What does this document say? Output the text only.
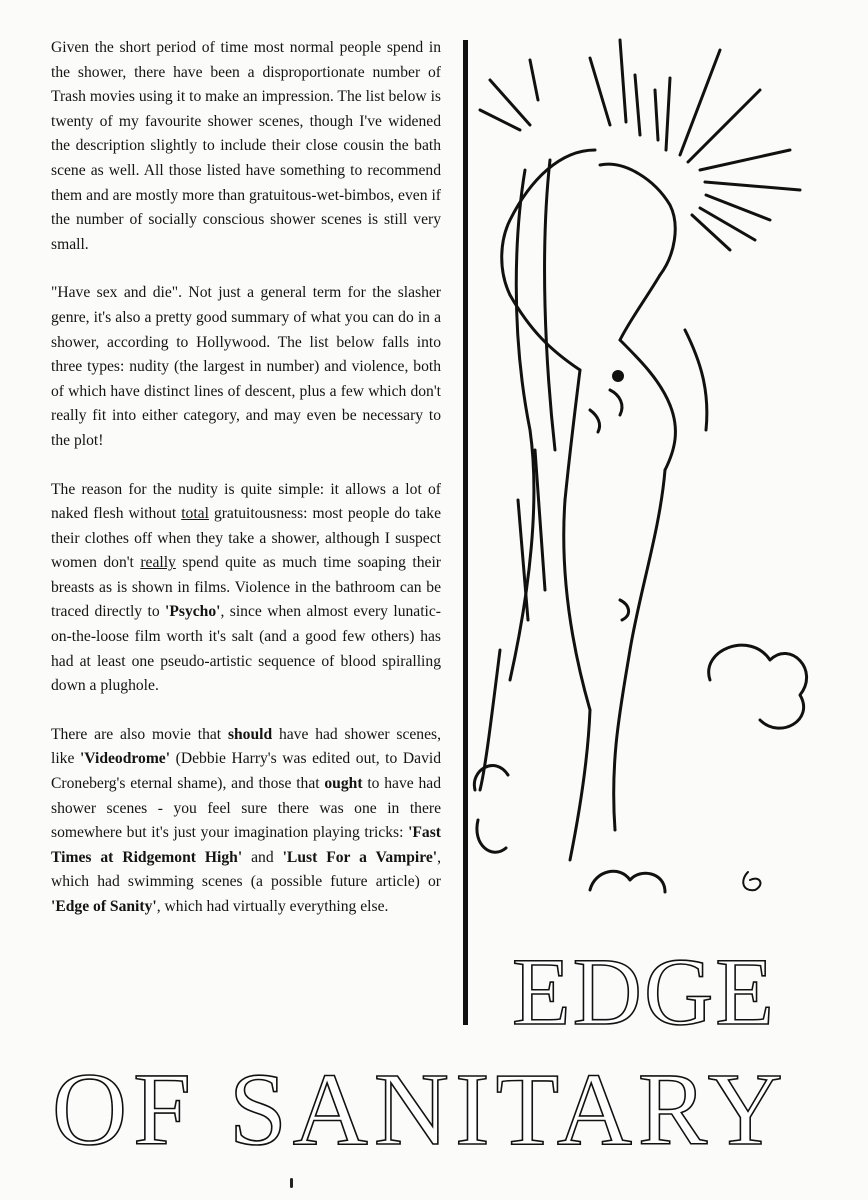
Given the short period of time most normal people spend in the shower, there have been a disproportionate number of Trash movies using it to make an impression. The list below is twenty of my favourite shower scenes, though I've widened the description slightly to include their close cousin the bath scene as well. All those listed have something to recommend them and are mostly more than gratuitous-wet-bimbos, even if the number of socially conscious shower scenes is still very small.

"Have sex and die". Not just a general term for the slasher genre, it's also a pretty good summary of what you can do in a shower, according to Hollywood. The list below falls into three types: nudity (the largest in number) and violence, both of which have distinct lines of descent, plus a few which don't really fit into either category, and may even be necessary to the plot!

The reason for the nudity is quite simple: it allows a lot of naked flesh without total gratuitousness: most people do take their clothes off when they take a shower, although I suspect women don't really spend quite as much time soaping their breasts as is shown in films. Violence in the bathroom can be traced directly to 'Psycho', since when almost every lunatic-on-the-loose film worth it's salt (and a good few others) has had at least one pseudo-artistic sequence of blood spiralling down a plughole.

There are also movie that should have had shower scenes, like 'Videodrome' (Debbie Harry's was edited out, to David Croneberg's eternal shame), and those that ought to have had shower scenes - you feel sure there was one in there somewhere but it's just your imagination playing tricks: 'Fast Times at Ridgemont High' and 'Lust For a Vampire', which had swimming scenes (a possible future article) or 'Edge of Sanity', which had virtually everything else.

EDGE
OF SANITARY
